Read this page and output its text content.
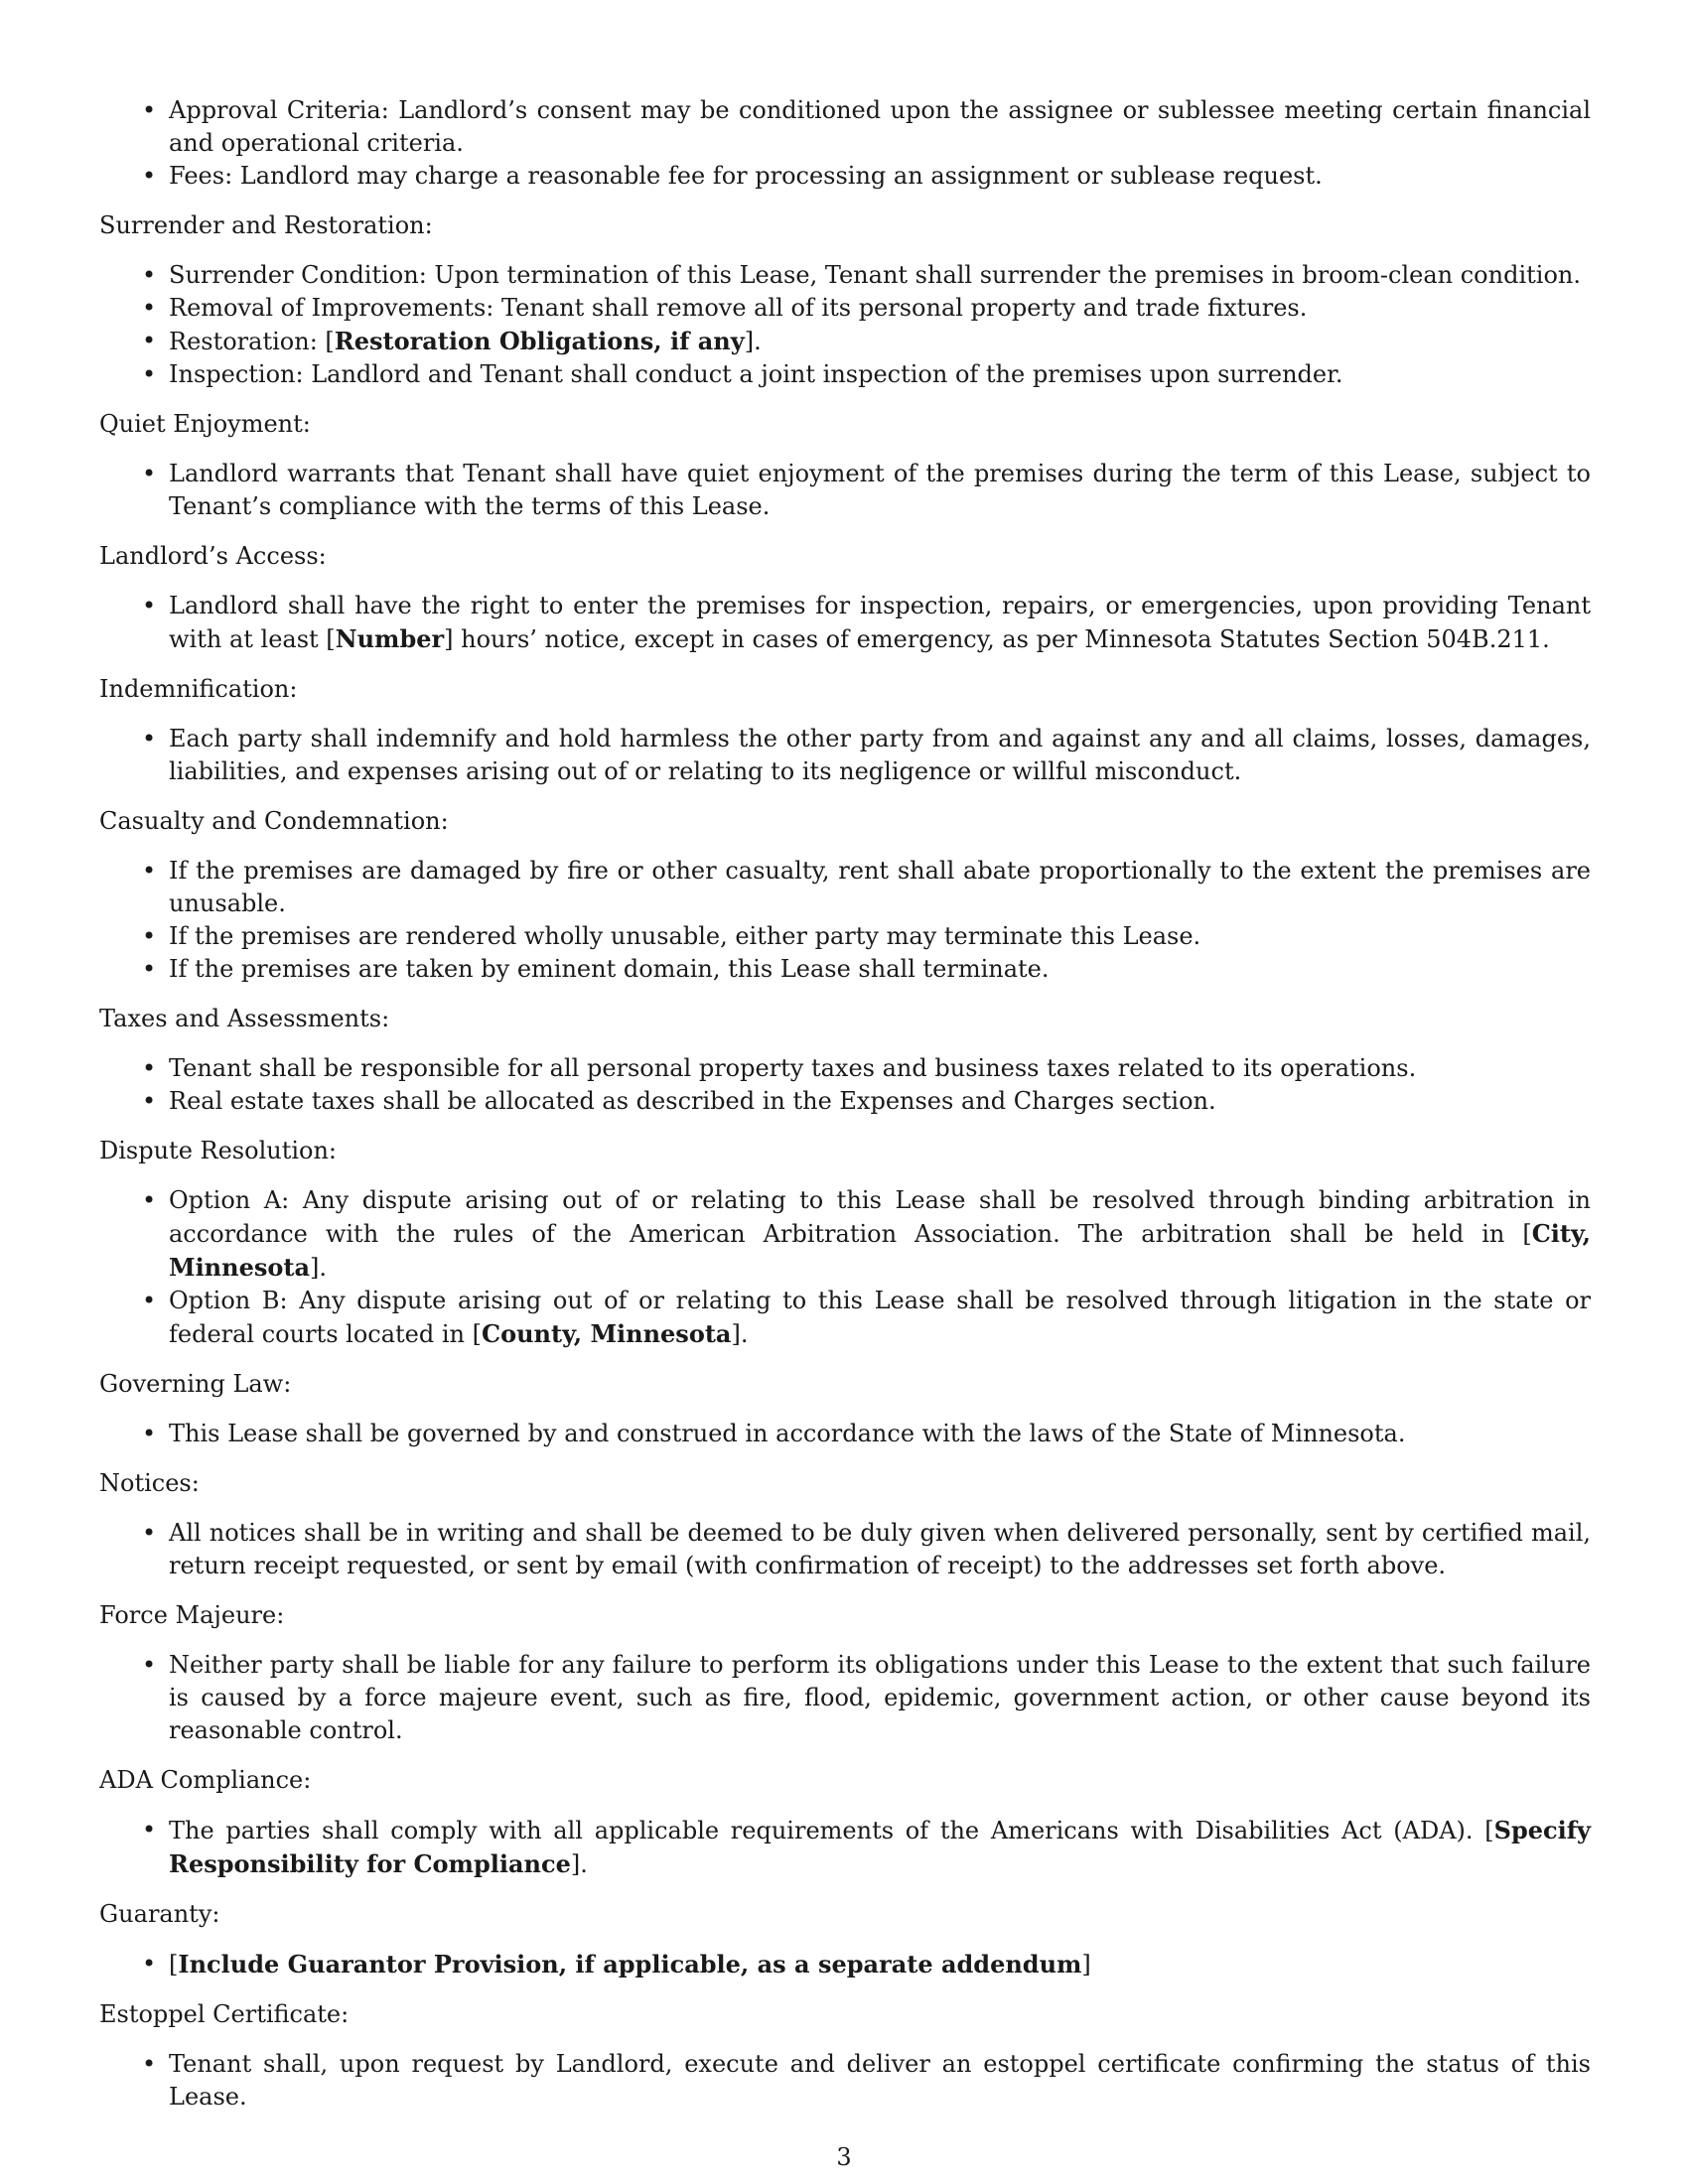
• Approval Criteria: Landlord’s consent may be conditioned upon the assignee or sublessee meeting certain financial and operational criteria.
• Fees: Landlord may charge a reasonable fee for processing an assignment or sublease request.

Surrender and Restoration:

• Surrender Condition: Upon termination of this Lease, Tenant shall surrender the premises in broom-clean condition.
• Removal of Improvements: Tenant shall remove all of its personal property and trade fixtures.
• Restoration: [Restoration Obligations, if any].
• Inspection: Landlord and Tenant shall conduct a joint inspection of the premises upon surrender.

Quiet Enjoyment:

• Landlord warrants that Tenant shall have quiet enjoyment of the premises during the term of this Lease, subject to Tenant’s compliance with the terms of this Lease.

Landlord’s Access:

• Landlord shall have the right to enter the premises for inspection, repairs, or emergencies, upon providing Tenant with at least [Number] hours’ notice, except in cases of emergency, as per Minnesota Statutes Section 504B.211.

Indemnification:

• Each party shall indemnify and hold harmless the other party from and against any and all claims, losses, damages, liabilities, and expenses arising out of or relating to its negligence or willful misconduct.

Casualty and Condemnation:

• If the premises are damaged by fire or other casualty, rent shall abate proportionally to the extent the premises are unusable.
• If the premises are rendered wholly unusable, either party may terminate this Lease.
• If the premises are taken by eminent domain, this Lease shall terminate.

Taxes and Assessments:

• Tenant shall be responsible for all personal property taxes and business taxes related to its operations.
• Real estate taxes shall be allocated as described in the Expenses and Charges section.

Dispute Resolution:

• Option A: Any dispute arising out of or relating to this Lease shall be resolved through binding arbitration in accordance with the rules of the American Arbitration Association. The arbitration shall be held in [City, Minnesota].
• Option B: Any dispute arising out of or relating to this Lease shall be resolved through litigation in the state or federal courts located in [County, Minnesota].

Governing Law:

• This Lease shall be governed by and construed in accordance with the laws of the State of Minnesota.

Notices:

• All notices shall be in writing and shall be deemed to be duly given when delivered personally, sent by certified mail, return receipt requested, or sent by email (with confirmation of receipt) to the addresses set forth above.

Force Majeure:

• Neither party shall be liable for any failure to perform its obligations under this Lease to the extent that such failure is caused by a force majeure event, such as fire, flood, epidemic, government action, or other cause beyond its reasonable control.

ADA Compliance:

• The parties shall comply with all applicable requirements of the Americans with Disabilities Act (ADA). [Specify Responsibility for Compliance].

Guaranty:

• [Include Guarantor Provision, if applicable, as a separate addendum]

Estoppel Certificate:

• Tenant shall, upon request by Landlord, execute and deliver an estoppel certificate confirming the status of this Lease.
3
